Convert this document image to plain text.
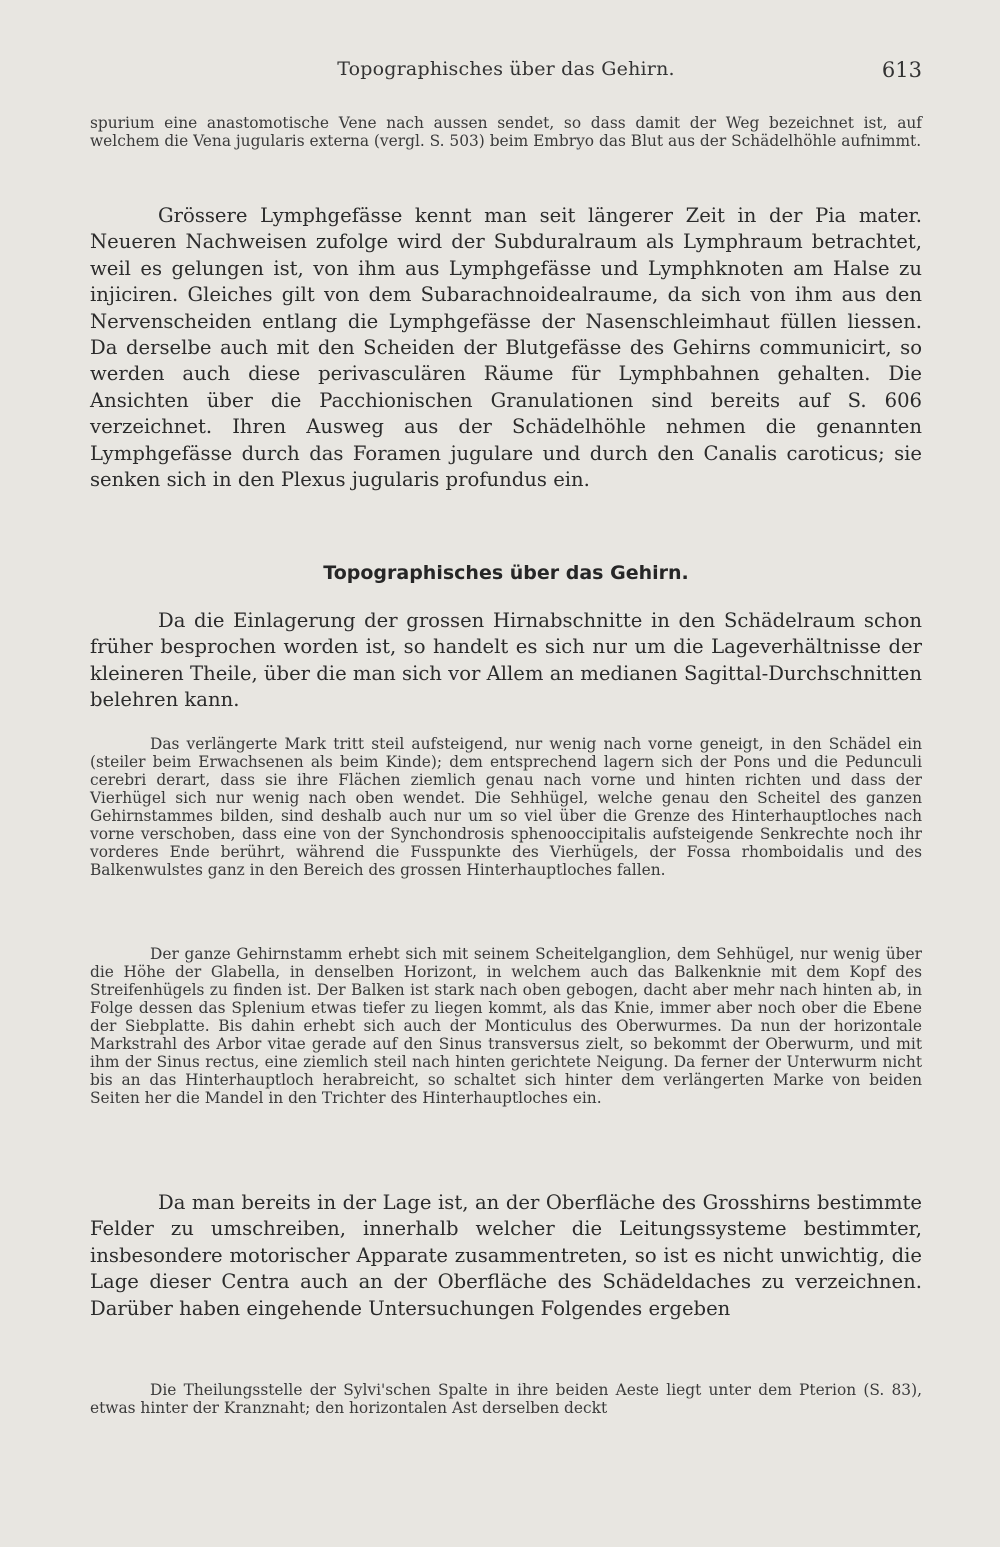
Topographisches über das Gehirn.	613

spurium eine anastomotische Vene nach aussen sendet, so dass damit der Weg bezeichnet ist, auf welchem die Vena jugularis externa (vergl. S. 503) beim Embryo das Blut aus der Schädelhöhle aufnimmt.

Grössere Lymphgefässe kennt man seit längerer Zeit in der Pia mater. Neueren Nachweisen zufolge wird der Subduralraum als Lymphraum betrachtet, weil es gelungen ist, von ihm aus Lymphgefässe und Lymphknoten am Halse zu injiciren. Gleiches gilt von dem Subarachnoidealraume, da sich von ihm aus den Nervenscheiden entlang die Lymphgefässe der Nasenschleimhaut füllen liessen. Da derselbe auch mit den Scheiden der Blutgefässe des Gehirns communicirt, so werden auch diese perivasculären Räume für Lymphbahnen gehalten. Die Ansichten über die Pacchionischen Granulationen sind bereits auf S. 606 verzeichnet. Ihren Ausweg aus der Schädelhöhle nehmen die genannten Lymphgefässe durch das Foramen jugulare und durch den Canalis caroticus; sie senken sich in den Plexus jugularis profundus ein.

Topographisches über das Gehirn.

Da die Einlagerung der grossen Hirnabschnitte in den Schädelraum schon früher besprochen worden ist, so handelt es sich nur um die Lageverhältnisse der kleineren Theile, über die man sich vor Allem an medianen Sagittal-Durchschnitten belehren kann.

Das verlängerte Mark tritt steil aufsteigend, nur wenig nach vorne geneigt, in den Schädel ein (steiler beim Erwachsenen als beim Kinde); dem entsprechend lagern sich der Pons und die Pedunculi cerebri derart, dass sie ihre Flächen ziemlich genau nach vorne und hinten richten und dass der Vierhügel sich nur wenig nach oben wendet. Die Sehhügel, welche genau den Scheitel des ganzen Gehirnstammes bilden, sind deshalb auch nur um so viel über die Grenze des Hinterhauptloches nach vorne verschoben, dass eine von der Synchondrosis sphenooccipitalis aufsteigende Senkrechte noch ihr vorderes Ende berührt, während die Fusspunkte des Vierhügels, der Fossa rhomboidalis und des Balkenwulstes ganz in den Bereich des grossen Hinterhauptloches fallen.

Der ganze Gehirnstamm erhebt sich mit seinem Scheitelganglion, dem Sehhügel, nur wenig über die Höhe der Glabella, in denselben Horizont, in welchem auch das Balkenknie mit dem Kopf des Streifenhügels zu finden ist. Der Balken ist stark nach oben gebogen, dacht aber mehr nach hinten ab, in Folge dessen das Splenium etwas tiefer zu liegen kommt, als das Knie, immer aber noch ober die Ebene der Siebplatte. Bis dahin erhebt sich auch der Monticulus des Oberwurmes. Da nun der horizontale Markstrahl des Arbor vitae gerade auf den Sinus transversus zielt, so bekommt der Oberwurm, und mit ihm der Sinus rectus, eine ziemlich steil nach hinten gerichtete Neigung. Da ferner der Unterwurm nicht bis an das Hinterhauptloch herabreicht, so schaltet sich hinter dem verlängerten Marke von beiden Seiten her die Mandel in den Trichter des Hinterhauptloches ein.

Da man bereits in der Lage ist, an der Oberfläche des Grosshirns bestimmte Felder zu umschreiben, innerhalb welcher die Leitungssysteme bestimmter, insbesondere motorischer Apparate zusammentreten, so ist es nicht unwichtig, die Lage dieser Centra auch an der Oberfläche des Schädeldaches zu verzeichnen. Darüber haben eingehende Untersuchungen Folgendes ergeben

Die Theilungsstelle der Sylvi'schen Spalte in ihre beiden Aeste liegt unter dem Pterion (S. 83), etwas hinter der Kranznaht; den horizontalen Ast derselben deckt
